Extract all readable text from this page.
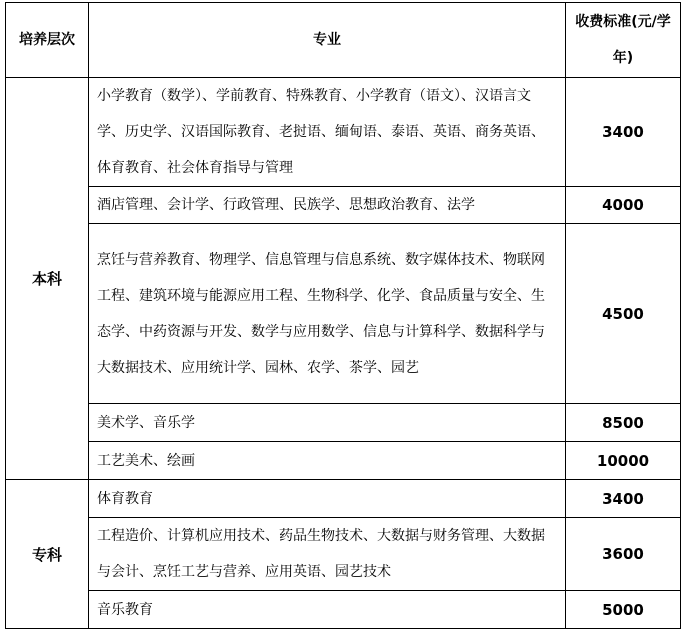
培养层次	专业	收费标准(元/学年)
本科	小学教育（数学）、学前教育、特殊教育、小学教育（语文）、汉语言文学、历史学、汉语国际教育、老挝语、缅甸语、泰语、英语、商务英语、体育教育、社会体育指导与管理	3400
	酒店管理、会计学、行政管理、民族学、思想政治教育、法学	4000
	烹饪与营养教育、物理学、信息管理与信息系统、数字媒体技术、物联网工程、建筑环境与能源应用工程、生物科学、化学、食品质量与安全、生态学、中药资源与开发、数学与应用数学、信息与计算科学、数据科学与大数据技术、应用统计学、园林、农学、茶学、园艺	4500
	美术学、音乐学	8500
	工艺美术、绘画	10000
专科	体育教育	3400
	工程造价、计算机应用技术、药品生物技术、大数据与财务管理、大数据与会计、烹饪工艺与营养、应用英语、园艺技术	3600
	音乐教育	5000
